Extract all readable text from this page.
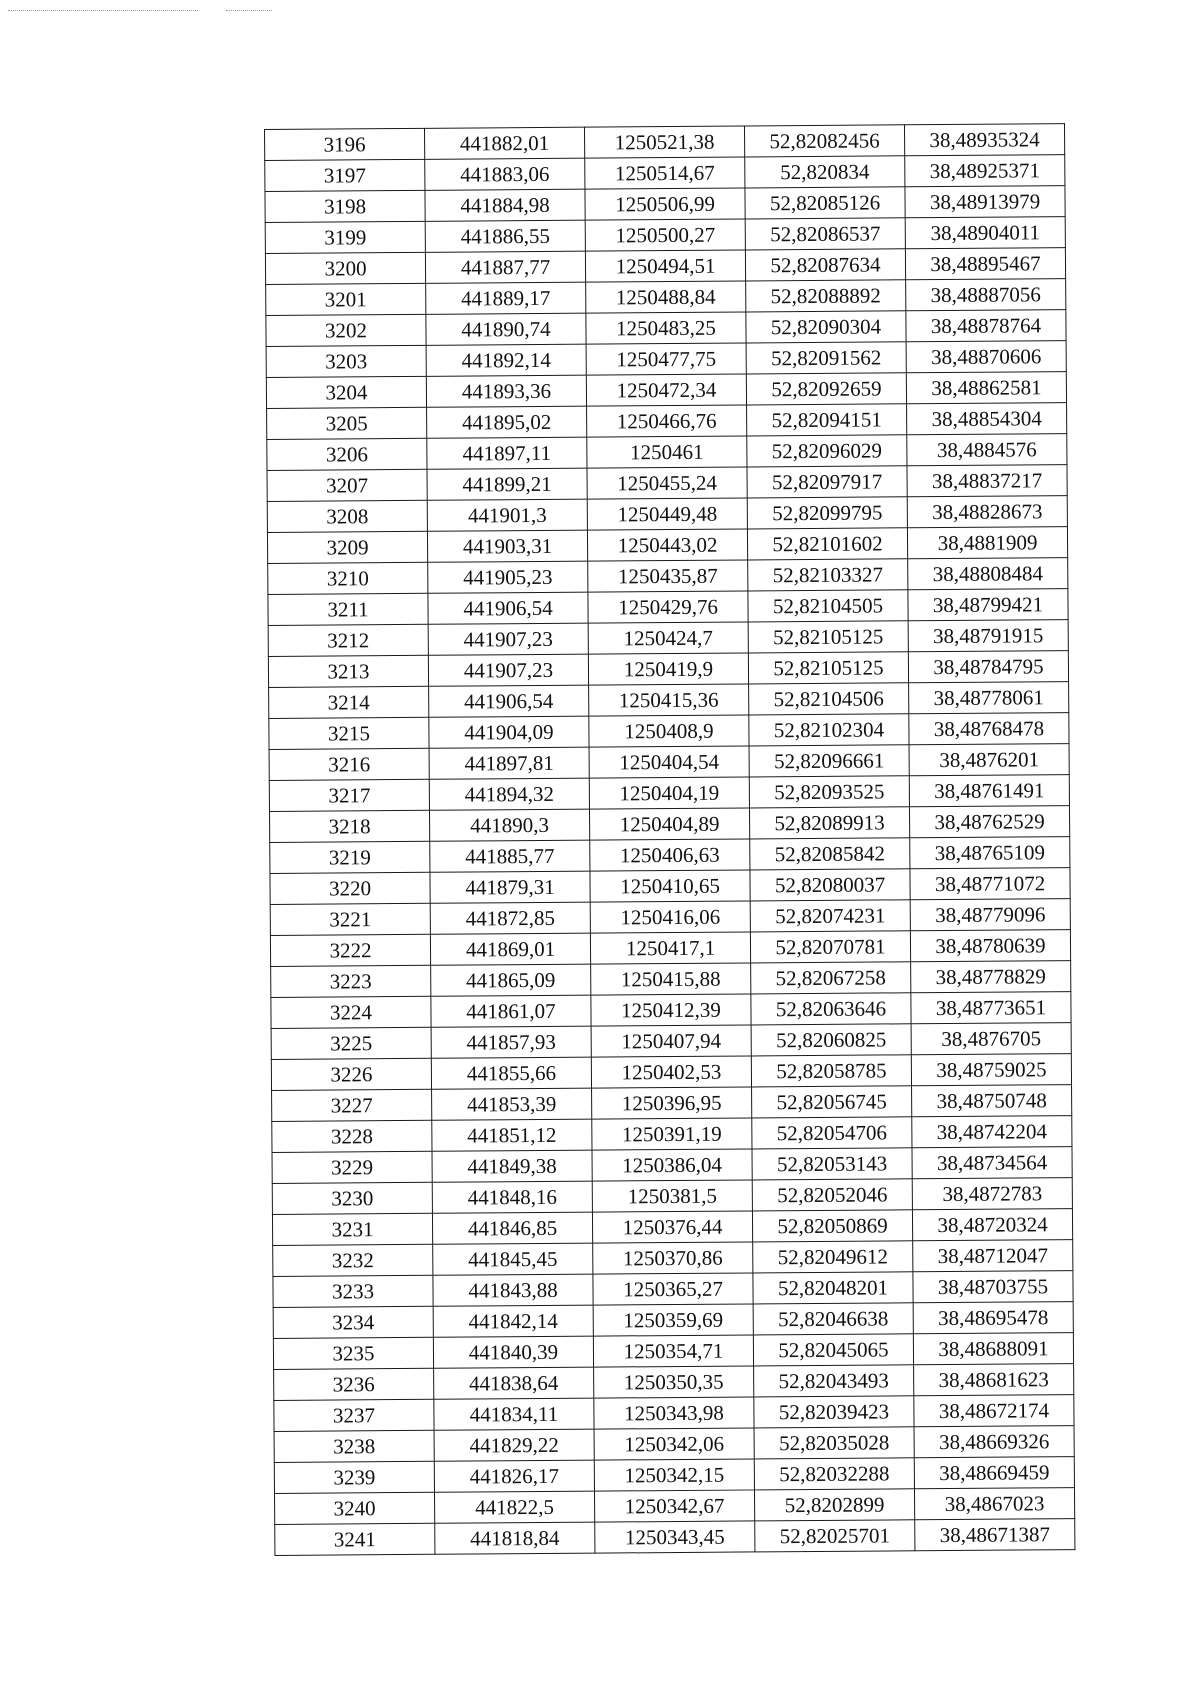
3196	441882,01	1250521,38	52,82082456	38,48935324
3197	441883,06	1250514,67	52,820834	38,48925371
3198	441884,98	1250506,99	52,82085126	38,48913979
3199	441886,55	1250500,27	52,82086537	38,48904011
3200	441887,77	1250494,51	52,82087634	38,48895467
3201	441889,17	1250488,84	52,82088892	38,48887056
3202	441890,74	1250483,25	52,82090304	38,48878764
3203	441892,14	1250477,75	52,82091562	38,48870606
3204	441893,36	1250472,34	52,82092659	38,48862581
3205	441895,02	1250466,76	52,82094151	38,48854304
3206	441897,11	1250461	52,82096029	38,4884576
3207	441899,21	1250455,24	52,82097917	38,48837217
3208	441901,3	1250449,48	52,82099795	38,48828673
3209	441903,31	1250443,02	52,82101602	38,4881909
3210	441905,23	1250435,87	52,82103327	38,48808484
3211	441906,54	1250429,76	52,82104505	38,48799421
3212	441907,23	1250424,7	52,82105125	38,48791915
3213	441907,23	1250419,9	52,82105125	38,48784795
3214	441906,54	1250415,36	52,82104506	38,48778061
3215	441904,09	1250408,9	52,82102304	38,48768478
3216	441897,81	1250404,54	52,82096661	38,4876201
3217	441894,32	1250404,19	52,82093525	38,48761491
3218	441890,3	1250404,89	52,82089913	38,48762529
3219	441885,77	1250406,63	52,82085842	38,48765109
3220	441879,31	1250410,65	52,82080037	38,48771072
3221	441872,85	1250416,06	52,82074231	38,48779096
3222	441869,01	1250417,1	52,82070781	38,48780639
3223	441865,09	1250415,88	52,82067258	38,48778829
3224	441861,07	1250412,39	52,82063646	38,48773651
3225	441857,93	1250407,94	52,82060825	38,4876705
3226	441855,66	1250402,53	52,82058785	38,48759025
3227	441853,39	1250396,95	52,82056745	38,48750748
3228	441851,12	1250391,19	52,82054706	38,48742204
3229	441849,38	1250386,04	52,82053143	38,48734564
3230	441848,16	1250381,5	52,82052046	38,4872783
3231	441846,85	1250376,44	52,82050869	38,48720324
3232	441845,45	1250370,86	52,82049612	38,48712047
3233	441843,88	1250365,27	52,82048201	38,48703755
3234	441842,14	1250359,69	52,82046638	38,48695478
3235	441840,39	1250354,71	52,82045065	38,48688091
3236	441838,64	1250350,35	52,82043493	38,48681623
3237	441834,11	1250343,98	52,82039423	38,48672174
3238	441829,22	1250342,06	52,82035028	38,48669326
3239	441826,17	1250342,15	52,82032288	38,48669459
3240	441822,5	1250342,67	52,8202899	38,4867023
3241	441818,84	1250343,45	52,82025701	38,48671387
